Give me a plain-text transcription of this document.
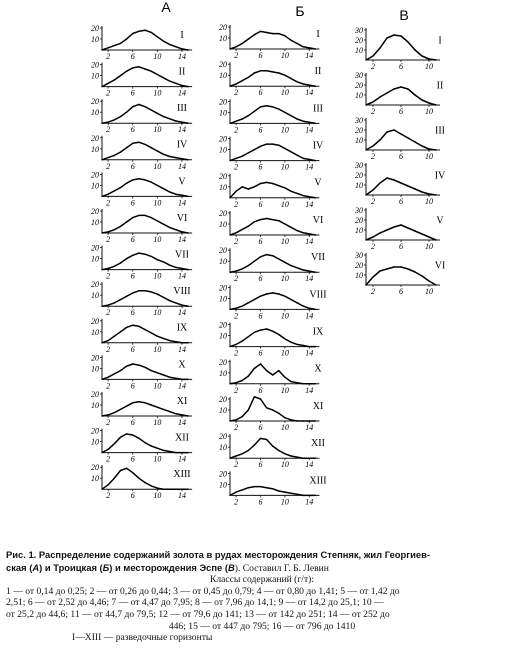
А
20
10
2	6 10 14
I
20
10
2	6 10 14
II
20
10
2	6 10 14
III
20
10
2	6 10 14
IV
20
10
2	6 10 14
V
20
10
2	6 10 14
VI
20
10
2	6 10 14
VII
20
10
2	6 10 14
VIII
20
10
2	6 10 14
IX
20
10
2	6 10 14
X
20
10
2	6 10 14
XI
20
10
2	6 10 14
XII
20
10
2	6 10 14
XIII
Б
20
10
2	6 10 14
I
20
10
2	6 10 14
II
20
10
2	6 10 14
III
20
10
2	6 10 14
IV
20
10
2	6 10 14
V
20
10
2	6 10 14
VI
20
10
2	6 10 14
VII
20
10
2	6 10 14
VIII
20
10
2	6 10 14
IX
20
10
2	6 10 14
X
20
10
2	6 10 14
XI
20
10
2	6 10 14
XII
20
10
2	6 10 14
XIII
В
30
20
10
2	6	10
I
30
20
10
2	6	10
II
30
20
10
2	6	10
III
30
20
10
2	6	10
IV
30
20
10
2	6	10
V
30
20
10
2	6	10
VI
Рис. 1. Распределение содержаний золота в рудах месторождения Степняк, жил Георгиев-
ская (А) и Троицкая (Б) и месторождения Эспе (В). Составил Г. Б. Левин
Классы содержаний (г/т):
1 — от 0,14 до 0,25; 2 — от 0,26 до 0,44; 3 — от 0,45 до 0,79; 4 — от 0,80 до 1,41; 5 — от 1,42 до
2,51; 6 — от 2,52 до 4,46; 7 — от 4,47 до 7,95; 8 — от 7,96 до 14,1; 9 — от 14,2 до 25,1; 10 —
от 25,2 до 44,6; 11 — от 44,7 до 79,5; 12 — от 79,6 до 141; 13 — от 142 до 251; 14 — от 252 до
446; 15 — от 447 до 795; 16 — от 796 до 1410
I—XIII — разведочные горизонты
